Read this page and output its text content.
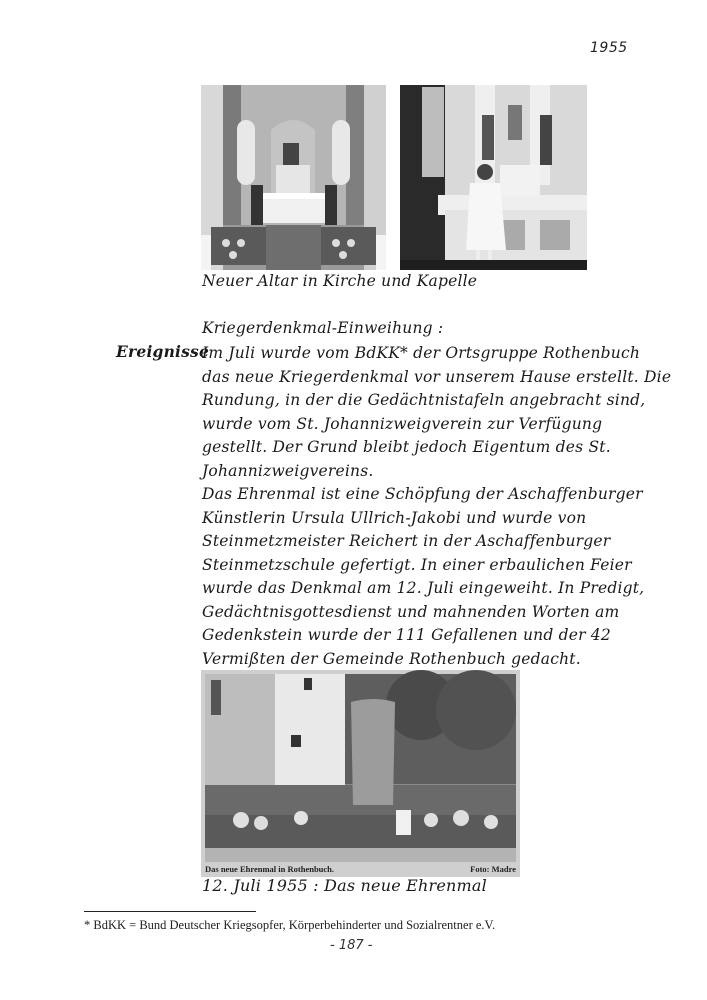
1955
Neuer Altar in Kirche und Kapelle
Kriegerdenkmal-Einweihung :
Ereignisse
Im Juli wurde vom BdKK* der Ortsgruppe Rothenbuch
das neue Kriegerdenkmal vor unserem Hause erstellt. Die
Rundung, in der die Gedächtnistafeln angebracht sind,
wurde vom St. Johannizweigverein zur Verfügung
gestellt. Der Grund bleibt jedoch Eigentum des St.
Johannizweigvereins.
Das Ehrenmal ist eine Schöpfung der Aschaffenburger
Künstlerin Ursula Ullrich-Jakobi und wurde von
Steinmetzmeister Reichert in der Aschaffenburger
Steinmetzschule gefertigt. In einer erbaulichen Feier
wurde das Denkmal am 12. Juli eingeweiht. In Predigt,
Gedächtnisgottesdienst und mahnenden Worten am
Gedenkstein wurde der 111 Gefallenen und der 42
Vermißten der Gemeinde Rothenbuch gedacht.
Das neue Ehrenmal in Rothenbuch.	Foto: Madre
12. Juli 1955 : Das neue Ehrenmal
* BdKK = Bund Deutscher Kriegsopfer, Körperbehinderter und Sozialrentner e.V.
- 187 -
